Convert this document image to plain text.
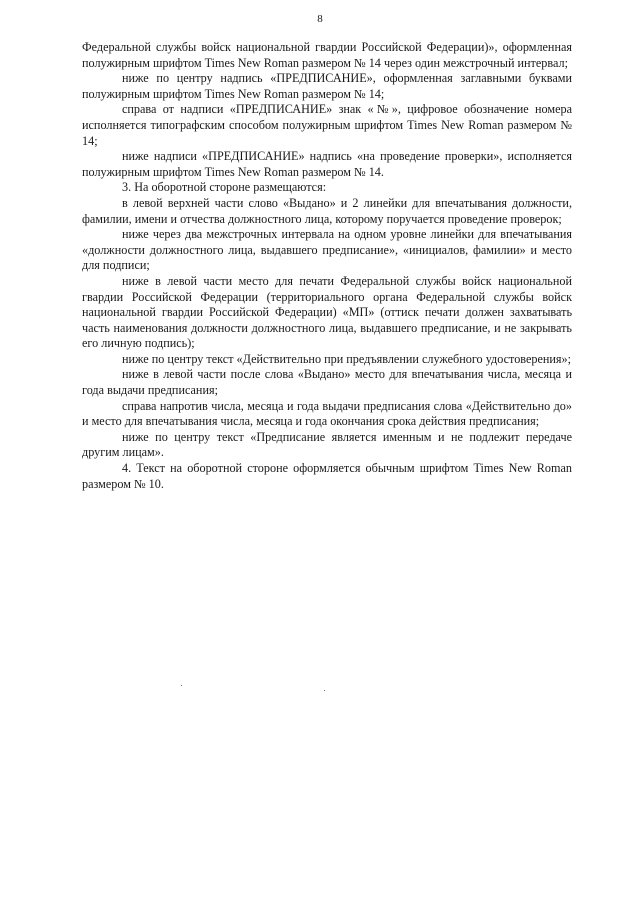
8

Федеральной службы войск национальной гвардии Российской Федерации)», оформленная полужирным шрифтом Times New Roman размером № 14 через один межстрочный интервал;

ниже по центру надпись «ПРЕДПИСАНИЕ», оформленная заглавными буквами полужирным шрифтом Times New Roman размером № 14;

справа от надписи «ПРЕДПИСАНИЕ» знак «№», цифровое обозначение номера исполняется типографским способом полужирным шрифтом Times New Roman размером № 14;

ниже надписи «ПРЕДПИСАНИЕ» надпись «на проведение проверки», исполняется полужирным шрифтом Times New Roman размером № 14.

3. На оборотной стороне размещаются:

в левой верхней части слово «Выдано» и 2 линейки для впечатывания должности, фамилии, имени и отчества должностного лица, которому поручается проведение проверок;

ниже через два межстрочных интервала на одном уровне линейки для впечатывания «должности должностного лица, выдавшего предписание», «инициалов, фамилии» и место для подписи;

ниже в левой части место для печати Федеральной службы войск национальной гвардии Российской Федерации (территориального органа Федеральной службы войск национальной гвардии Российской Федерации) «МП» (оттиск печати должен захватывать часть наименования должности должностного лица, выдавшего предписание, и не закрывать его личную подпись);

ниже по центру текст «Действительно при предъявлении служебного удостоверения»;

ниже в левой части после слова «Выдано» место для впечатывания числа, месяца и года выдачи предписания;

справа напротив числа, месяца и года выдачи предписания слова «Действительно до» и место для впечатывания числа, месяца и года окончания срока действия предписания;

ниже по центру текст «Предписание является именным и не подлежит передаче другим лицам».

4. Текст на оборотной стороне оформляется обычным шрифтом Times New Roman размером № 10.
